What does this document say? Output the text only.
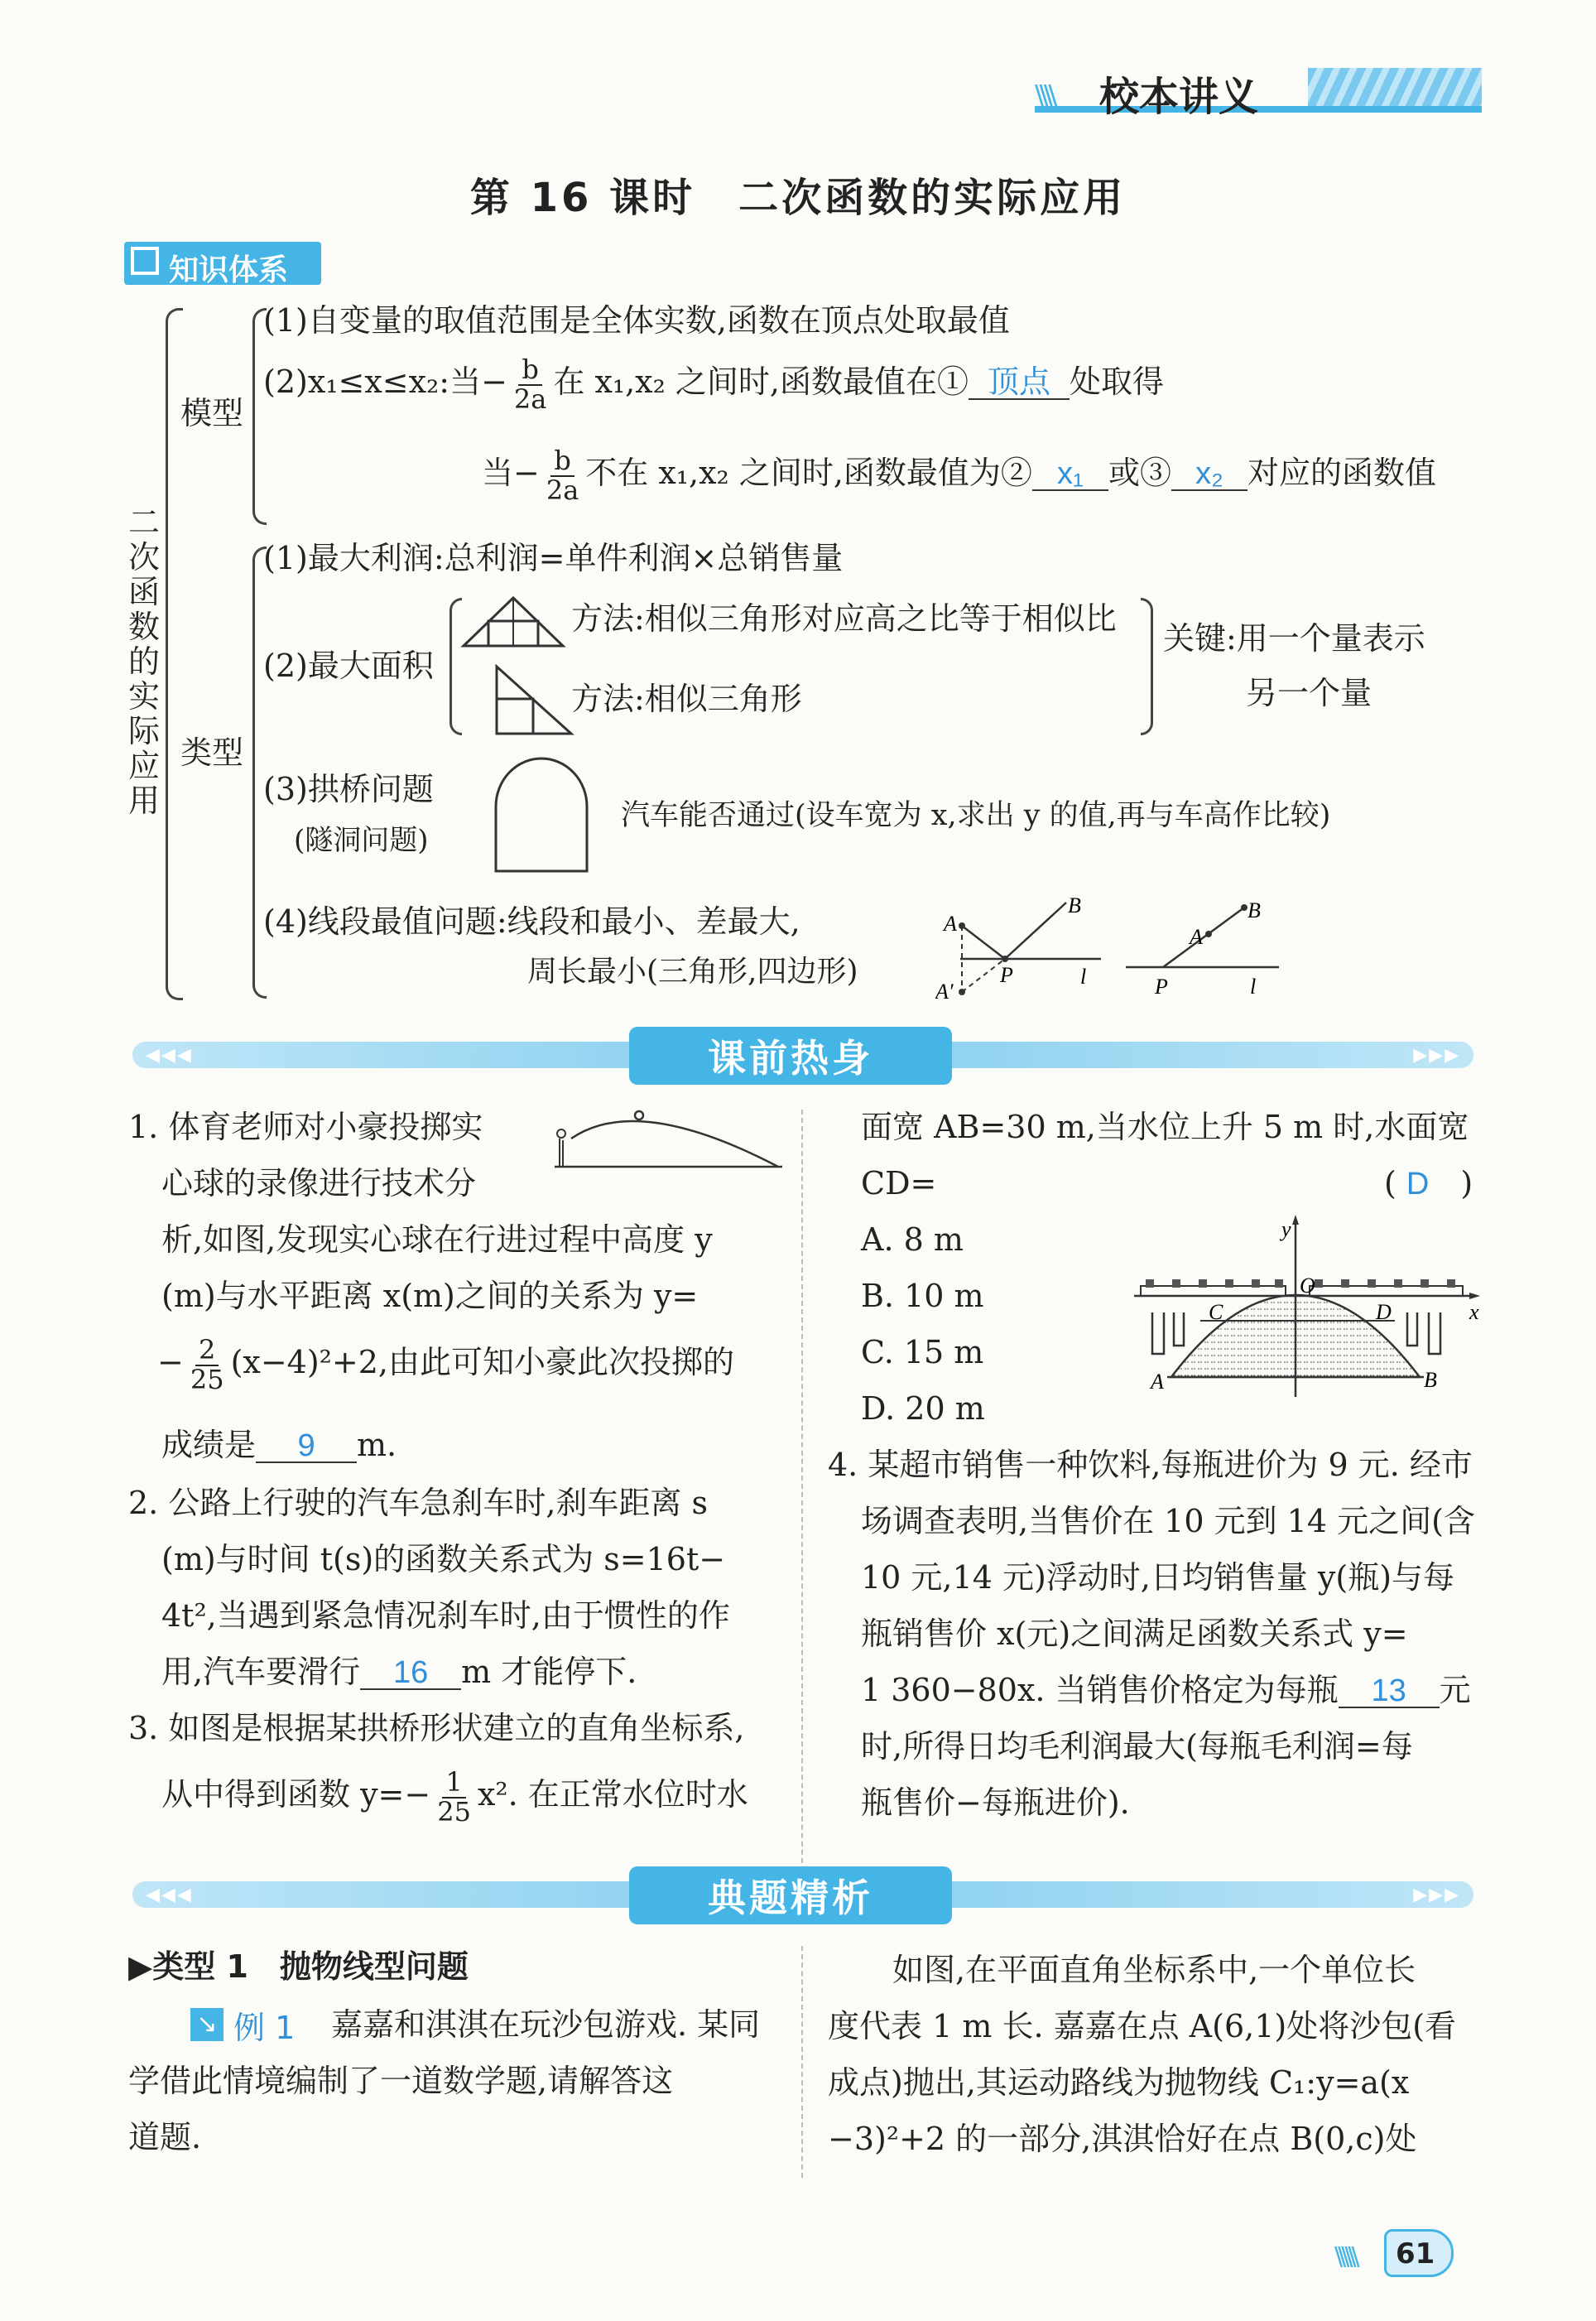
\\\\ 校本讲义
第 16 课时　二次函数的实际应用
知识体系
二次函数的实际应用
模型
(1)自变量的取值范围是全体实数,函数在顶点处取最值
(2)x₁≤x≤x₂:当− $\frac{b}{2a}$ 在 x₁,x₂ 之间时,函数最值在① 顶点 处取得
当− $\frac{b}{2a}$ 不在 x₁,x₂ 之间时,函数最值为② x₁ 或③ x₂ 对应的函数值
类型
(1)最大利润:总利润=单件利润×总销售量
(2)最大面积
方法:相似三角形对应高之比等于相似比
方法:相似三角形
关键:用一个量表示
另一个量
(3)拱桥问题
(隧洞问题)
汽车能否通过(设车宽为 x,求出 y 的值,再与车高作比较)
(4)线段最值问题:线段和最小、差最大,
周长最小(三角形,四边形)
A
B
P	l
A′
A
B
P	l
◀◀◀	▶▶▶
课前热身
1. 体育老师对小豪投掷实
心球的录像进行技术分
析,如图,发现实心球在行进过程中高度 y
(m)与水平距离 x(m)之间的关系为 y=
− $\frac{2}{25} (x-4)^2+2$,由此可知小豪此次投掷的
成绩是 9 m.
2. 公路上行驶的汽车急刹车时,刹车距离 s
(m)与时间 t(s)的函数关系式为 s=16t−
4t²,当遇到紧急情况刹车时,由于惯性的作
用,汽车要滑行 16 m 才能停下.
3. 如图是根据某拱桥形状建立的直角坐标系,
从中得到函数 $y=- \frac{1}{25} x^2$. 在正常水位时水
面宽 AB=30 m,当水位上升 5 m 时,水面宽
CD=	( D　)
A. 8 m
B. 10 m
C. 15 m
D. 20 m
y
x
O
C	D
A	B
4. 某超市销售一种饮料,每瓶进价为 9 元. 经市
场调查表明,当售价在 10 元到 14 元之间(含
10 元,14 元)浮动时,日均销售量 y(瓶)与每
瓶销售价 x(元)之间满足函数关系式 y=
1 360−80x. 当销售价格定为每瓶 13 元
时,所得日均毛利润最大(每瓶毛利润=每
瓶售价−每瓶进价).
◀◀◀	▶▶▶
典题精析
▶类型 1　抛物线型问题
↘ 例 1 嘉嘉和淇淇在玩沙包游戏. 某同
学借此情境编制了一道数学题,请解答这
道题.
如图,在平面直角坐标系中,一个单位长
度代表 1 m 长. 嘉嘉在点 A(6,1)处将沙包(看
成点)抛出,其运动路线为抛物线 C₁:y=a(x
−3)²+2 的一部分,淇淇恰好在点 B(0,c)处
\\\\\\ 61
